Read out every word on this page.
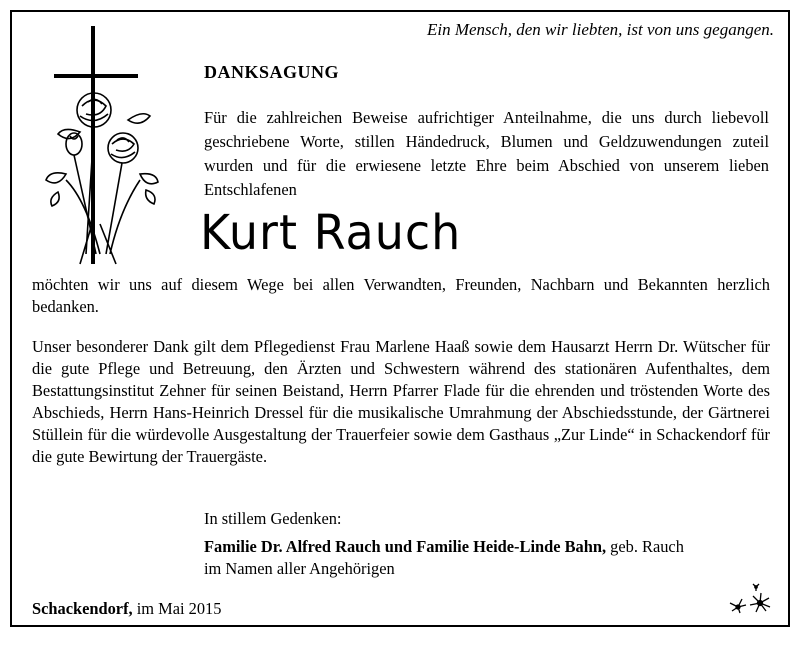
Ein Mensch, den wir liebten, ist von uns gegangen.
DANKSAGUNG
Für die zahlreichen Beweise aufrichtiger Anteilnahme, die uns durch liebevoll geschriebene Worte, stillen Händedruck, Blumen und Geldzuwendungen zuteil wurden und für die erwiesene letzte Ehre beim Abschied von unserem lieben Entschlafenen
Kurt Rauch
möchten wir uns auf diesem Wege bei allen Verwandten, Freunden, Nachbarn und Bekannten herzlich bedanken.
Unser besonderer Dank gilt dem Pflegedienst Frau Marlene Haaß sowie dem Hausarzt Herrn Dr. Wütscher für die gute Pflege und Betreuung, den Ärzten und Schwestern während des stationären Aufenthaltes, dem Bestattungsinstitut Zehner für seinen Beistand, Herrn Pfarrer Flade für die ehrenden und tröstenden Worte des Abschieds, Herrn Hans-Heinrich Dressel für die musikalische Umrahmung der Abschiedsstunde, der Gärtnerei Stüllein für die würdevolle Ausgestaltung der Trauerfeier sowie dem Gasthaus „Zur Linde“ in Schackendorf für die gute Bewirtung der Trauergäste.
In stillem Gedenken:
Familie Dr. Alfred Rauch und Familie Heide-Linde Bahn, geb. Rauch
im Namen aller Angehörigen
Schackendorf, im Mai 2015
